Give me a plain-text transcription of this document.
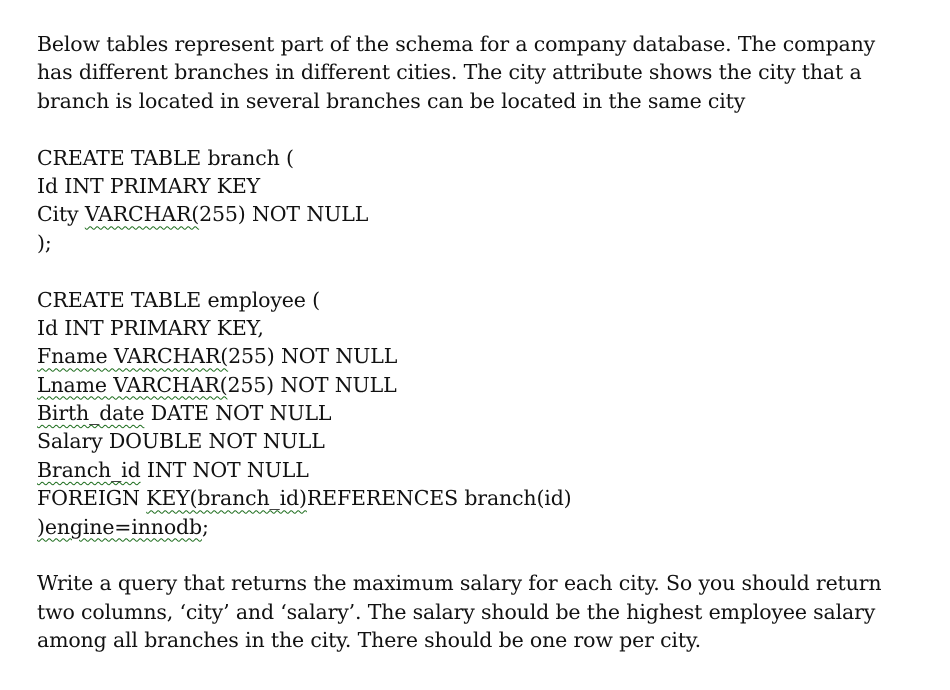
Below tables represent part of the schema for a company database. The company
has different branches in different cities. The city attribute shows the city that a
branch is located in several branches can be located in the same city
CREATE TABLE branch (
Id INT PRIMARY KEY
City VARCHAR(255) NOT NULL
);
CREATE TABLE employee (
Id INT PRIMARY KEY,
Fname VARCHAR(255) NOT NULL
Lname VARCHAR(255) NOT NULL
Birth_date DATE NOT NULL
Salary DOUBLE NOT NULL
Branch_id INT NOT NULL
FOREIGN KEY(branch_id)REFERENCES branch(id)
)engine=innodb;
Write a query that returns the maximum salary for each city. So you should return
two columns, ‘city’ and ‘salary’. The salary should be the highest employee salary
among all branches in the city. There should be one row per city.
